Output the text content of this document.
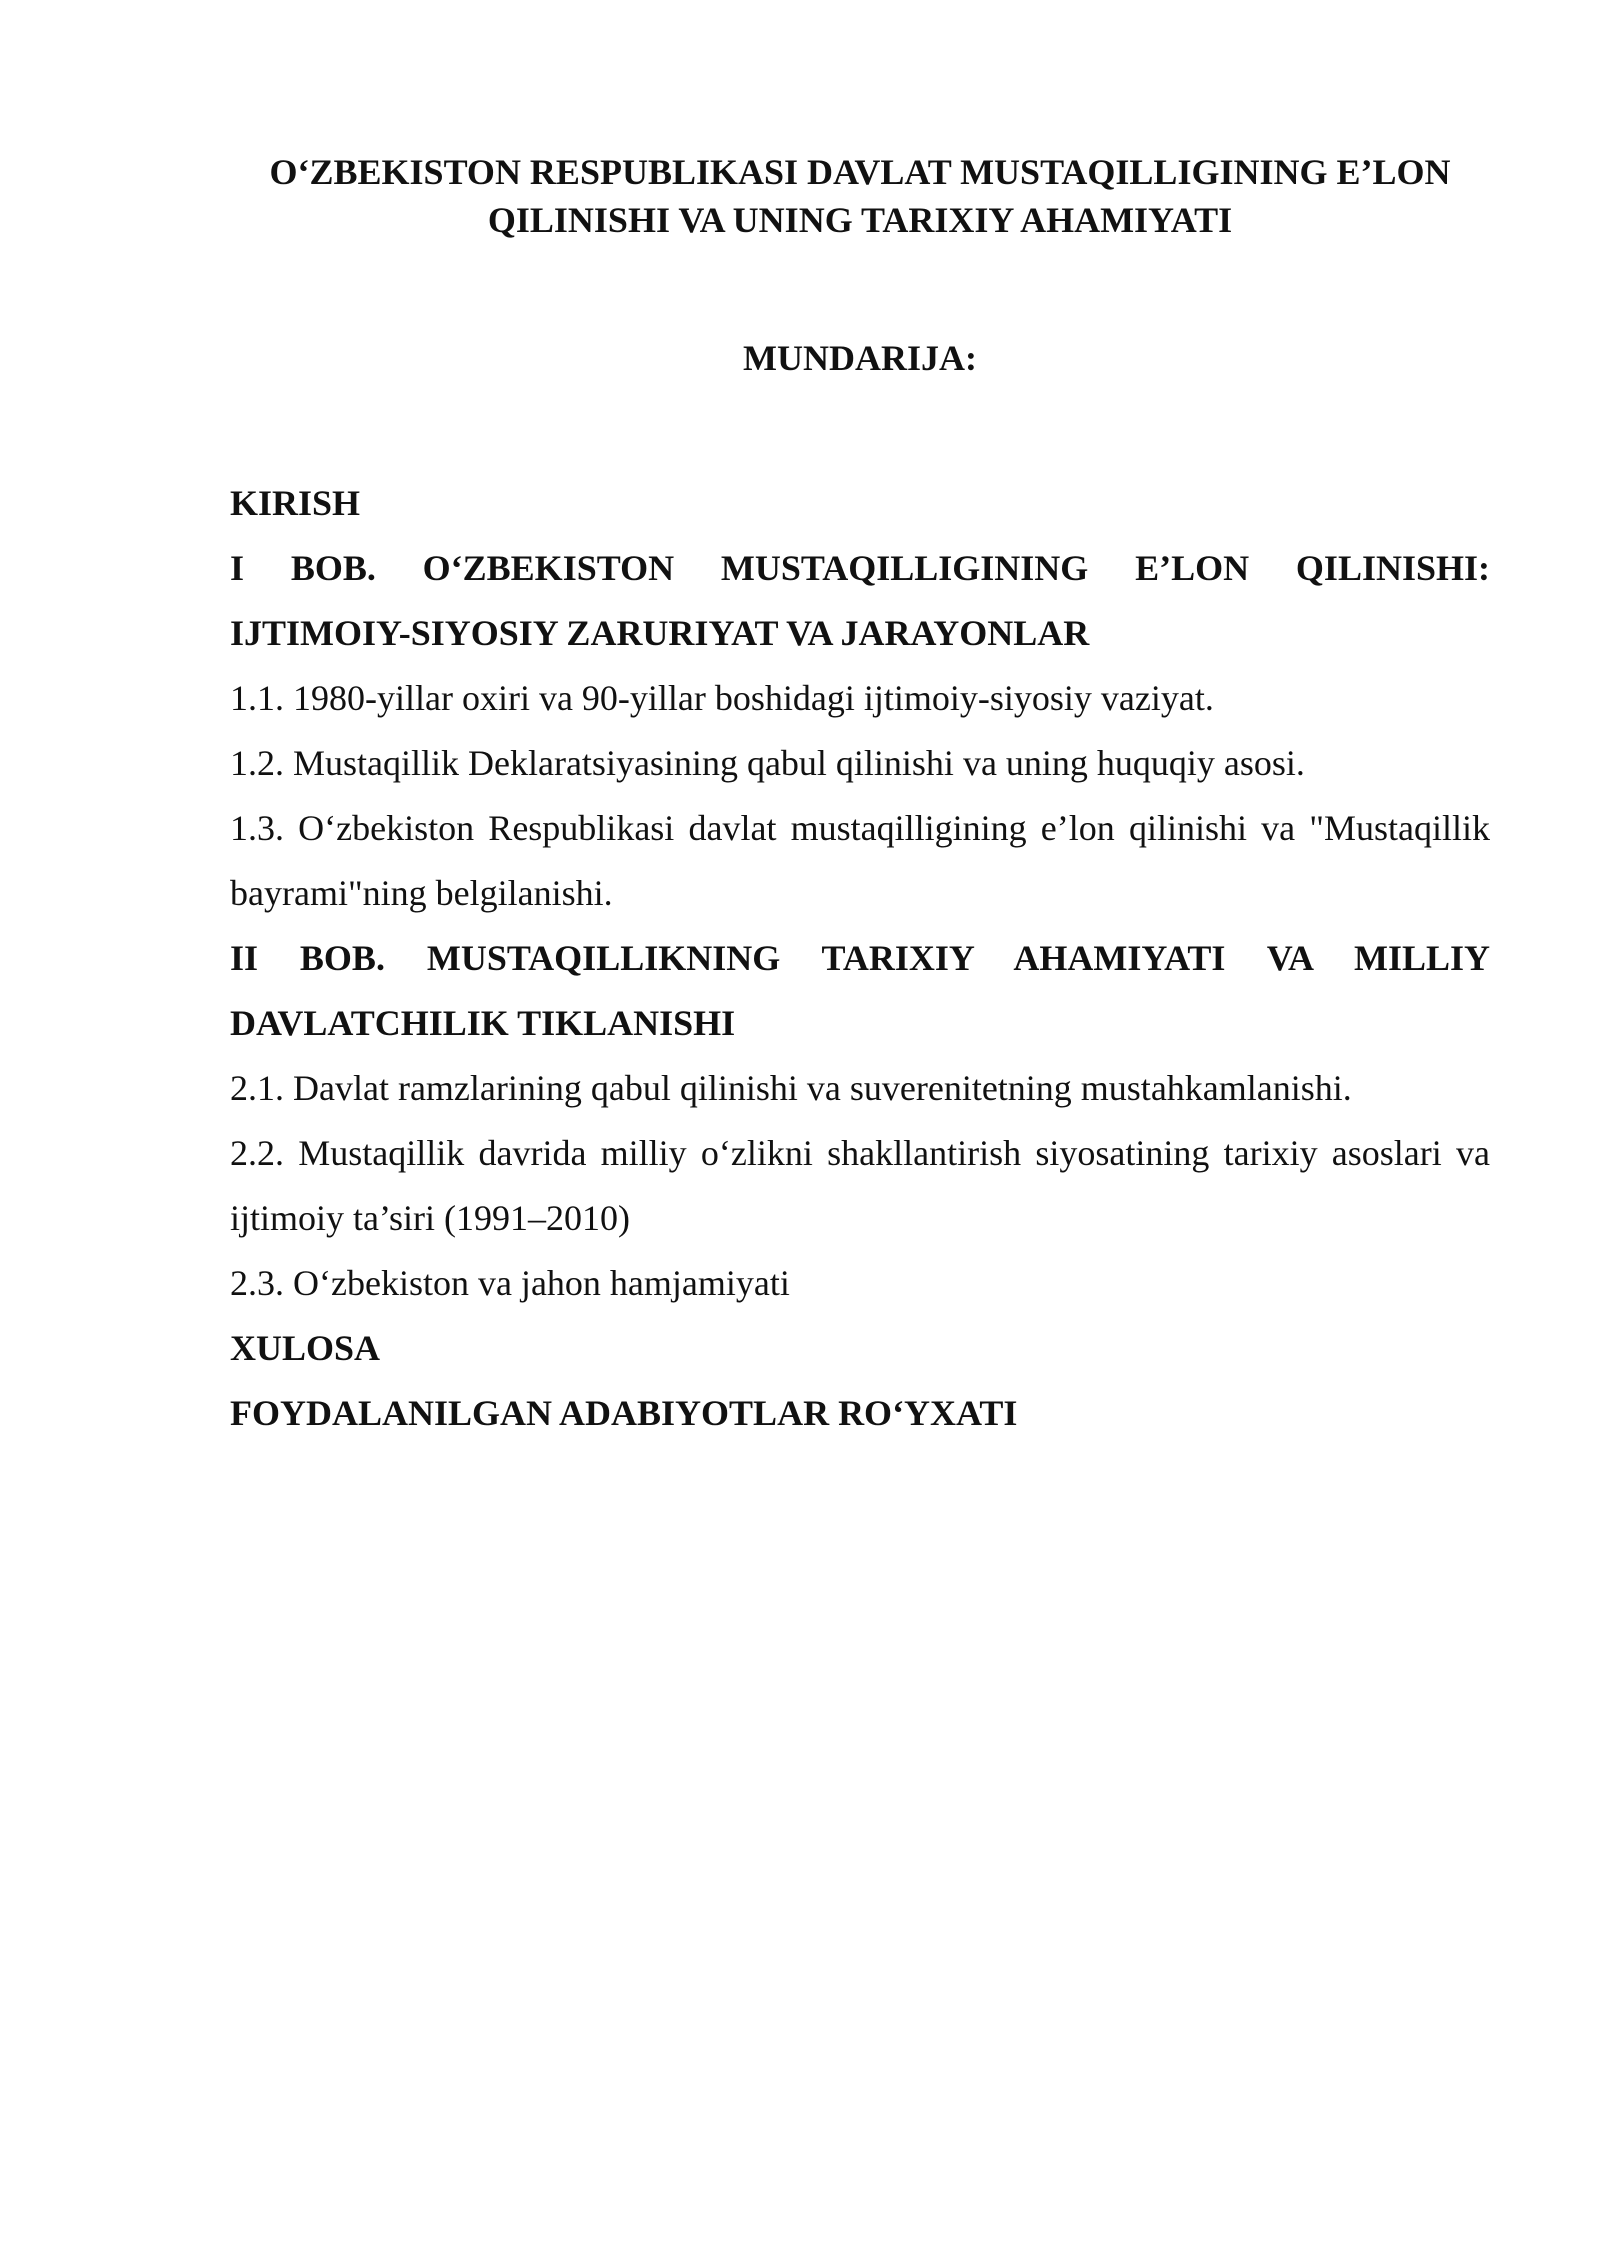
O‘ZBEKISTON RESPUBLIKASI DAVLAT MUSTAQILLIGINING E’LON QILINISHI VA UNING TARIXIY AHAMIYATI
MUNDARIJA:
KIRISH
I BOB. O‘ZBEKISTON MUSTAQILLIGINING E’LON QILINISHI: IJTIMOIY-SIYOSIY ZARURIYAT VA JARAYONLAR
1.1. 1980-yillar oxiri va 90-yillar boshidagi ijtimoiy-siyosiy vaziyat.
1.2. Mustaqillik Deklaratsiyasining qabul qilinishi va uning huquqiy asosi.
1.3. O‘zbekiston Respublikasi davlat mustaqilligining e’lon qilinishi va "Mustaqillik bayrami"ning belgilanishi.
II BOB. MUSTAQILLIKNING TARIXIY AHAMIYATI VA MILLIY DAVLATCHILIK TIKLANISHI
2.1. Davlat ramzlarining qabul qilinishi va suverenitetning mustahkamlanishi.
2.2. Mustaqillik davrida milliy o‘zlikni shakllantirish siyosatining tarixiy asoslari va ijtimoiy ta’siri (1991–2010)
2.3. O‘zbekiston va jahon hamjamiyati
XULOSA
FOYDALANILGAN ADABIYOTLAR RO‘YXATI
